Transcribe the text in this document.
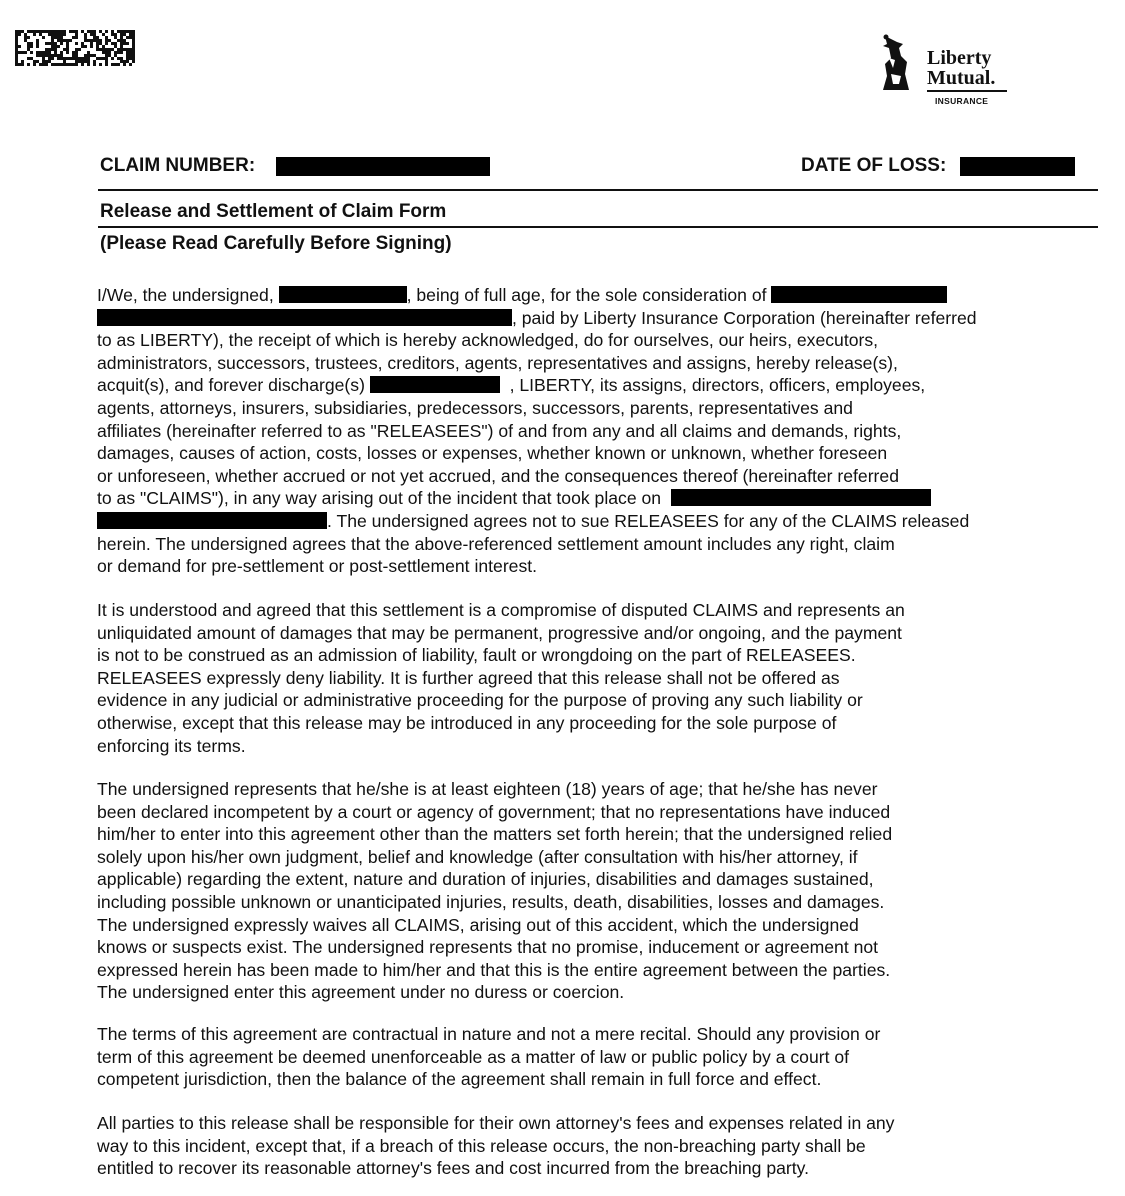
Liberty
Mutual.
INSURANCE
CLAIM NUMBER:	DATE OF LOSS:
Release and Settlement of Claim Form
(Please Read Carefully Before Signing)
I/We, the undersigned,	, being of full age, for the sole consideration of
, paid by Liberty Insurance Corporation (hereinafter referred
to as LIBERTY), the receipt of which is hereby acknowledged, do for ourselves, our heirs, executors,
administrators, successors, trustees, creditors, agents, representatives and assigns, hereby release(s),
acquit(s), and forever discharge(s)	, LIBERTY, its assigns, directors, officers, employees,
agents, attorneys, insurers, subsidiaries, predecessors, successors, parents, representatives and
affiliates (hereinafter referred to as "RELEASEES") of and from any and all claims and demands, rights,
damages, causes of action, costs, losses or expenses, whether known or unknown, whether foreseen
or unforeseen, whether accrued or not yet accrued, and the consequences thereof (hereinafter referred
to as "CLAIMS"), in any way arising out of the incident that took place on
. The undersigned agrees not to sue RELEASEES for any of the CLAIMS released
herein. The undersigned agrees that the above-referenced settlement amount includes any right, claim
or demand for pre-settlement or post-settlement interest.
It is understood and agreed that this settlement is a compromise of disputed CLAIMS and represents an
unliquidated amount of damages that may be permanent, progressive and/or ongoing, and the payment
is not to be construed as an admission of liability, fault or wrongdoing on the part of RELEASEES.
RELEASEES expressly deny liability. It is further agreed that this release shall not be offered as
evidence in any judicial or administrative proceeding for the purpose of proving any such liability or
otherwise, except that this release may be introduced in any proceeding for the sole purpose of
enforcing its terms.
The undersigned represents that he/she is at least eighteen (18) years of age; that he/she has never
been declared incompetent by a court or agency of government; that no representations have induced
him/her to enter into this agreement other than the matters set forth herein; that the undersigned relied
solely upon his/her own judgment, belief and knowledge (after consultation with his/her attorney, if
applicable) regarding the extent, nature and duration of injuries, disabilities and damages sustained,
including possible unknown or unanticipated injuries, results, death, disabilities, losses and damages.
The undersigned expressly waives all CLAIMS, arising out of this accident, which the undersigned
knows or suspects exist. The undersigned represents that no promise, inducement or agreement not
expressed herein has been made to him/her and that this is the entire agreement between the parties.
The undersigned enter this agreement under no duress or coercion.
The terms of this agreement are contractual in nature and not a mere recital. Should any provision or
term of this agreement be deemed unenforceable as a matter of law or public policy by a court of
competent jurisdiction, then the balance of the agreement shall remain in full force and effect.
All parties to this release shall be responsible for their own attorney's fees and expenses related in any
way to this incident, except that, if a breach of this release occurs, the non-breaching party shall be
entitled to recover its reasonable attorney's fees and cost incurred from the breaching party.
